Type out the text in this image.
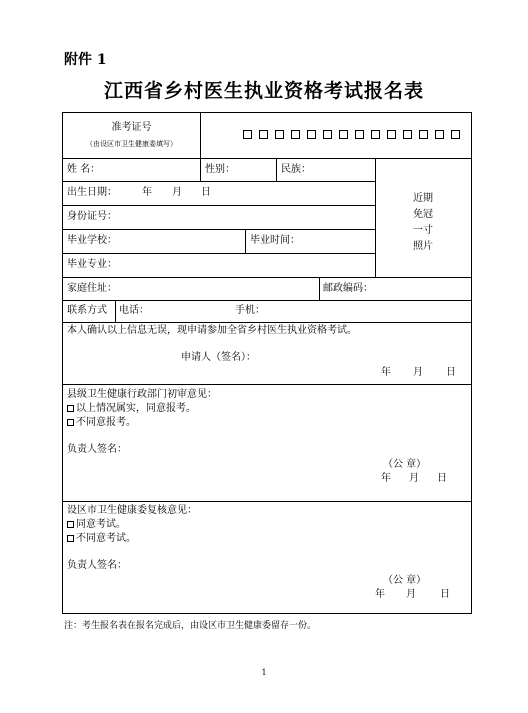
附件 1
江西省乡村医生执业资格考试报名表
准考证号
（由设区市卫生健康委填写）
姓 名：	性别：	民族：
近期
免冠
一寸
照片
出生日期：	年 月 日
身份证号：
毕业学校：	毕业时间：
毕业专业：
家庭住址：	邮政编码：
联系方式 电话：	手机：
本人确认以上信息无误，现申请参加全省乡村医生执业资格考试。
申请人（签名）：
年 月 日
县级卫生健康行政部门初审意见：
以上情况属实，同意报考。
不同意报考。
负责人签名：
（公 章）
年 月 日
设区市卫生健康委复核意见：
同意考试。
不同意考试。
负责人签名：
（公 章）
年 月 日
注：考生报名表在报名完成后，由设区市卫生健康委留存一份。
1
